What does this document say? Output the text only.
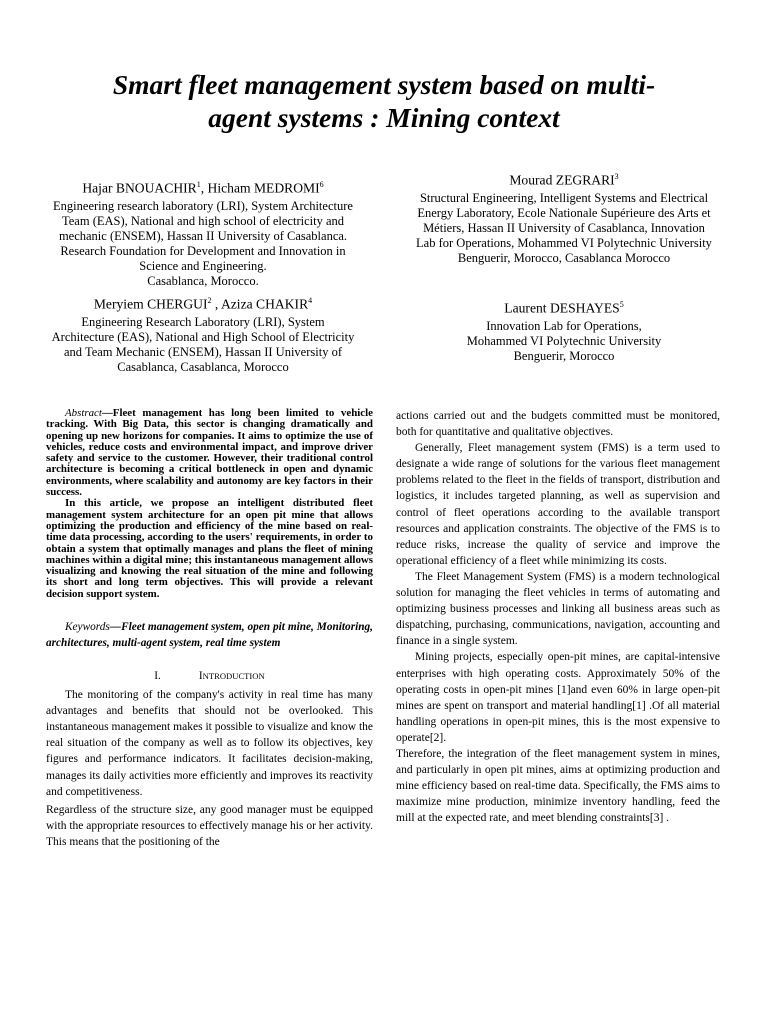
Smart fleet management system based on multi-
agent systems : Mining context
Hajar BNOUACHIR$^1$, Hicham MEDROMI$^6$
Engineering research laboratory (LRI), System Architecture
Team (EAS), National and high school of electricity and
mechanic (ENSEM), Hassan II University of Casablanca.
Research Foundation for Development and Innovation in
Science and Engineering.
Casablanca, Morocco.
Meryiem CHERGUI$^2$ , Aziza CHAKIR$^4$
Engineering Research Laboratory (LRI), System
Architecture (EAS), National and High School of Electricity
and Team Mechanic (ENSEM), Hassan II University of
Casablanca, Casablanca, Morocco
Mourad ZEGRARI$^3$
Structural Engineering, Intelligent Systems and Electrical
Energy Laboratory, Ecole Nationale Supérieure des Arts et
Métiers, Hassan II University of Casablanca, Innovation
Lab for Operations, Mohammed VI Polytechnic University
Benguerir, Morocco, Casablanca Morocco
Laurent DESHAYES$^5$
Innovation Lab for Operations,
Mohammed VI Polytechnic University
Benguerir, Morocco

Abstract—Fleet management has long been limited to vehicle tracking. With Big Data, this sector is changing dramatically and opening up new horizons for companies. It aims to optimize the use of vehicles, reduce costs and environmental impact, and improve driver safety and service to the customer. However, their traditional control architecture is becoming a critical bottleneck in open and dynamic environments, where scalability and autonomy are key factors in their success.

In this article, we propose an intelligent distributed fleet management system architecture for an open pit mine that allows optimizing the production and efficiency of the mine based on real-time data processing, according to the users' requirements, in order to obtain a system that optimally manages and plans the fleet of mining machines within a digital mine; this instantaneous management allows visualizing and knowing the real situation of the mine and following its short and long term objectives. This will provide a relevant decision support system.

Keywords—Fleet management system, open pit mine, Monitoring, architectures, multi-agent system, real time system
I.	INTRODUCTION

The monitoring of the company's activity in real time has many advantages and benefits that should not be overlooked. This instantaneous management makes it possible to visualize and know the real situation of the company as well as to follow its objectives, key figures and performance indicators. It facilitates decision-making, manages its daily activities more efficiently and improves its reactivity and competitiveness.

Regardless of the structure size, any good manager must be equipped with the appropriate resources to effectively manage his or her activity. This means that the positioning of the

actions carried out and the budgets committed must be monitored, both for quantitative and qualitative objectives.

Generally, Fleet management system (FMS) is a term used to designate a wide range of solutions for the various fleet management problems related to the fleet in the fields of transport, distribution and logistics, it includes targeted planning, as well as supervision and control of fleet operations according to the available transport resources and application constraints. The objective of the FMS is to reduce risks, increase the quality of service and improve the operational efficiency of a fleet while minimizing its costs.

The Fleet Management System (FMS) is a modern technological solution for managing the fleet vehicles in terms of automating and optimizing business processes and linking all business areas such as dispatching, purchasing, communications, navigation, accounting and finance in a single system.

Mining projects, especially open-pit mines, are capital-intensive enterprises with high operating costs. Approximately 50% of the operating costs in open-pit mines [1]and even 60% in large open-pit mines are spent on transport and material handling[1] .Of all material handling operations in open-pit mines, this is the most expensive to operate[2].

Therefore, the integration of the fleet management system in mines, and particularly in open pit mines, aims at optimizing production and mine efficiency based on real-time data. Specifically, the FMS aims to maximize mine production, minimize inventory handling, feed the mill at the expected rate, and meet blending constraints[3] .
